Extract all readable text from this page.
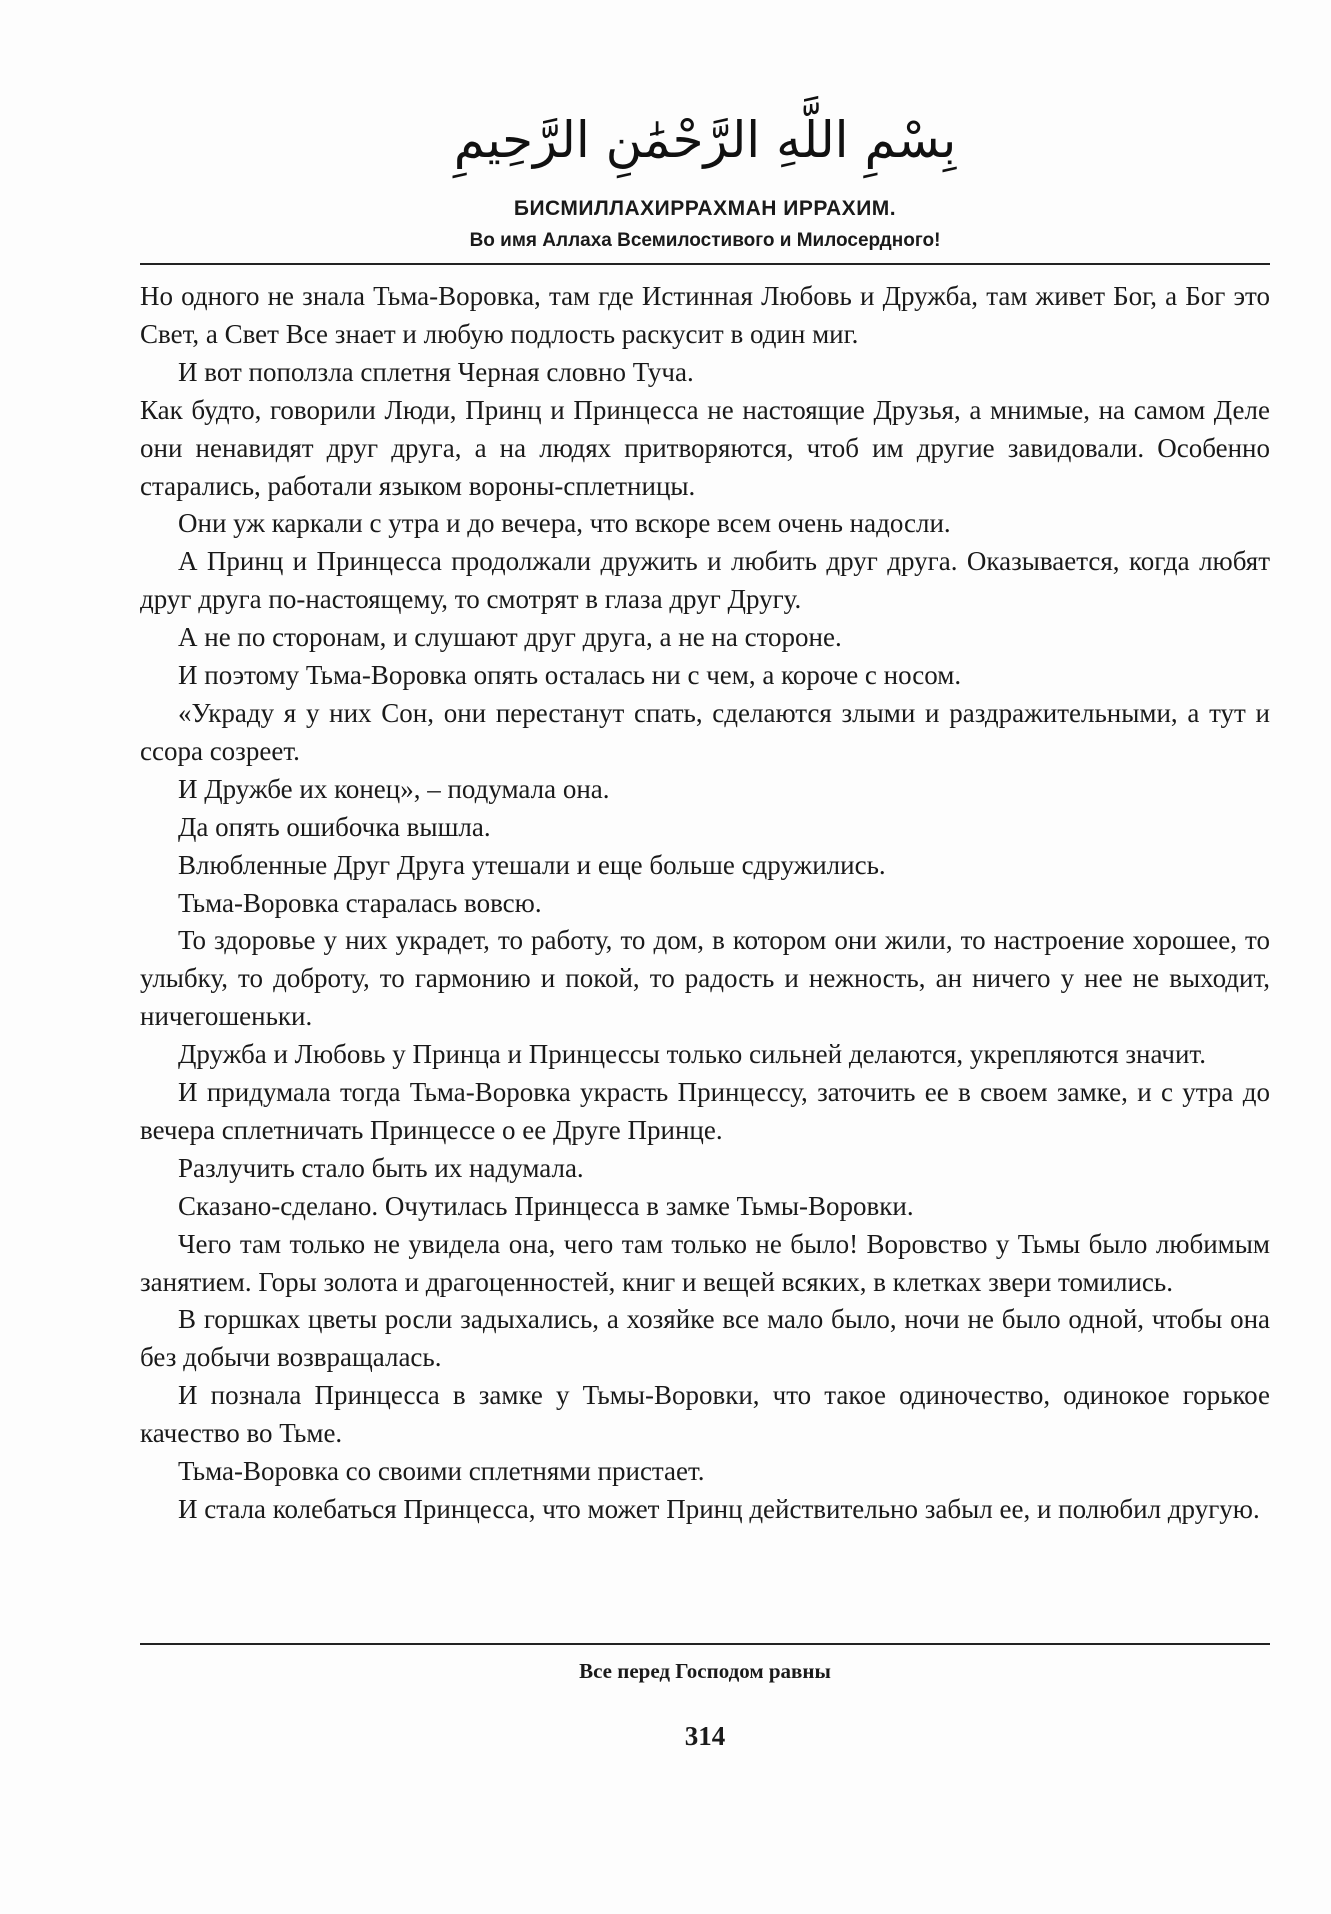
بِسْمِ اللَّهِ الرَّحْمَٰنِ الرَّحِيمِ
БИСМИЛЛАХИРРАХМАН ИРРАХИМ.
Во имя Аллаха Всемилостивого и Милосердного!

Но одного не знала Тьма-Воровка, там где Истинная Любовь и Дружба, там живет Бог, а Бог это Свет, а Свет Все знает и любую подлость раскусит в один миг.

И вот поползла сплетня Черная словно Туча.

Как будто, говорили Люди, Принц и Принцесса не настоящие Друзья, а мнимые, на самом Деле они ненавидят друг друга, а на людях притворяются, чтоб им другие завидовали. Особенно старались, работали языком вороны-сплетницы.

Они уж каркали с утра и до вечера, что вскоре всем очень надосли.

А Принц и Принцесса продолжали дружить и любить друг друга. Оказывается, когда любят друг друга по-настоящему, то смотрят в глаза друг Другу.

А не по сторонам, и слушают друг друга, а не на стороне.

И поэтому Тьма-Воровка опять осталась ни с чем, а короче с носом.

«Украду я у них Сон, они перестанут спать, сделаются злыми и раздражительными, а тут и ссора созреет.

И Дружбе их конец», – подумала она.

Да опять ошибочка вышла.

Влюбленные Друг Друга утешали и еще больше сдружились.

Тьма-Воровка старалась вовсю.

То здоровье у них украдет, то работу, то дом, в котором они жили, то настроение хорошее, то улыбку, то доброту, то гармонию и покой, то радость и нежность, ан ничего у нее не выходит, ничегошеньки.

Дружба и Любовь у Принца и Принцессы только сильней делаются, укрепляются значит.

И придумала тогда Тьма-Воровка украсть Принцессу, заточить ее в своем замке, и с утра до вечера сплетничать Принцессе о ее Друге Принце.

Разлучить стало быть их надумала.

Сказано-сделано. Очутилась Принцесса в замке Тьмы-Воровки.

Чего там только не увидела она, чего там только не было! Воровство у Тьмы было любимым занятием. Горы золота и драгоценностей, книг и вещей всяких, в клетках звери томились.

В горшках цветы росли задыхались, а хозяйке все мало было, ночи не было одной, чтобы она без добычи возвращалась.

И познала Принцесса в замке у Тьмы-Воровки, что такое одиночество, одинокое горькое качество во Тьме.

Тьма-Воровка со своими сплетнями пристает.

И стала колебаться Принцесса, что может Принц действительно забыл ее, и полюбил другую.

Все перед Господом равны
314
